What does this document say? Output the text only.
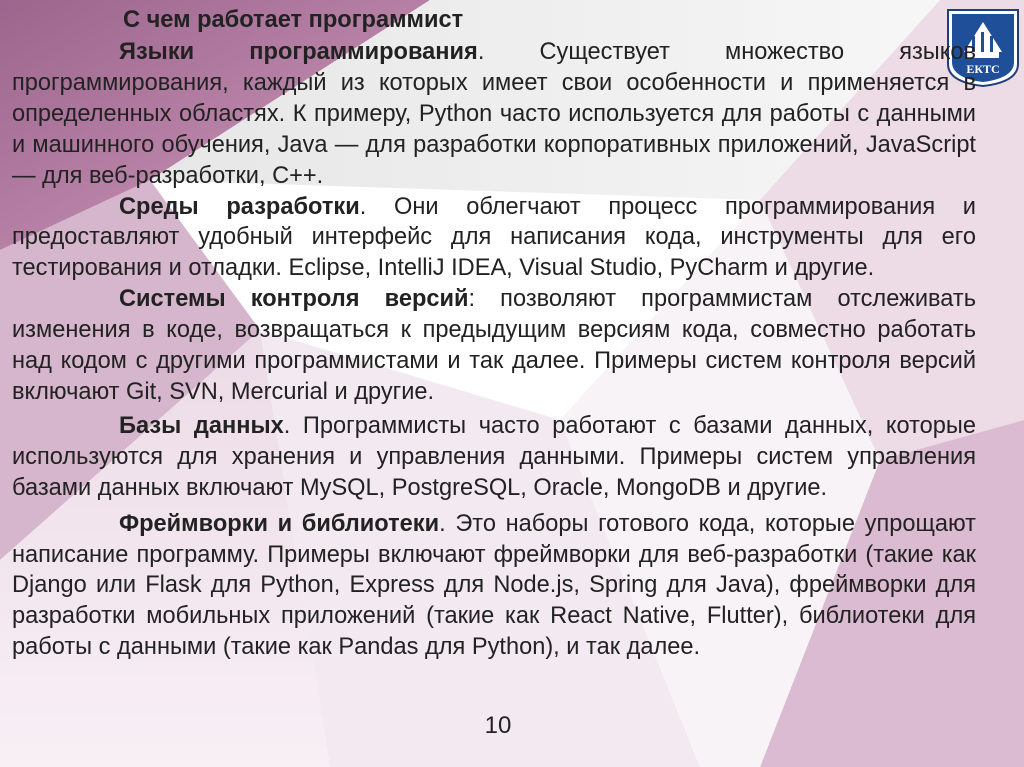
ЕКТС
С чем работает программист

Языки программирования. Существует множество языков программирования, каждый из которых имеет свои особенности и применяется в определенных областях. К примеру, Python часто используется для работы с данными и машинного обучения, Java — для разработки корпоративных приложений, JavaScript — для веб-разработки, C++.

Среды разработки. Они облегчают процесс программирования и предоставляют удобный интерфейс для написания кода, инструменты для его тестирования и отладки. Eclipse, IntelliJ IDEA, Visual Studio, PyCharm и другие.

Системы контроля версий: позволяют программистам отслеживать изменения в коде, возвращаться к предыдущим версиям кода, совместно работать над кодом с другими программистами и так далее. Примеры систем контроля версий включают Git, SVN, Mercurial и другие.

Базы данных. Программисты часто работают с базами данных, которые используются для хранения и управления данными. Примеры систем управления базами данных включают MySQL, PostgreSQL, Oracle, MongoDB и другие.

Фреймворки и библиотеки. Это наборы готового кода, которые упрощают написание программу. Примеры включают фреймворки для веб-разработки (такие как Django или Flask для Python, Express для Node.js, Spring для Java), фреймворки для разработки мобильных приложений (такие как React Native, Flutter), библиотеки для работы с данными (такие как Pandas для Python), и так далее.

10
